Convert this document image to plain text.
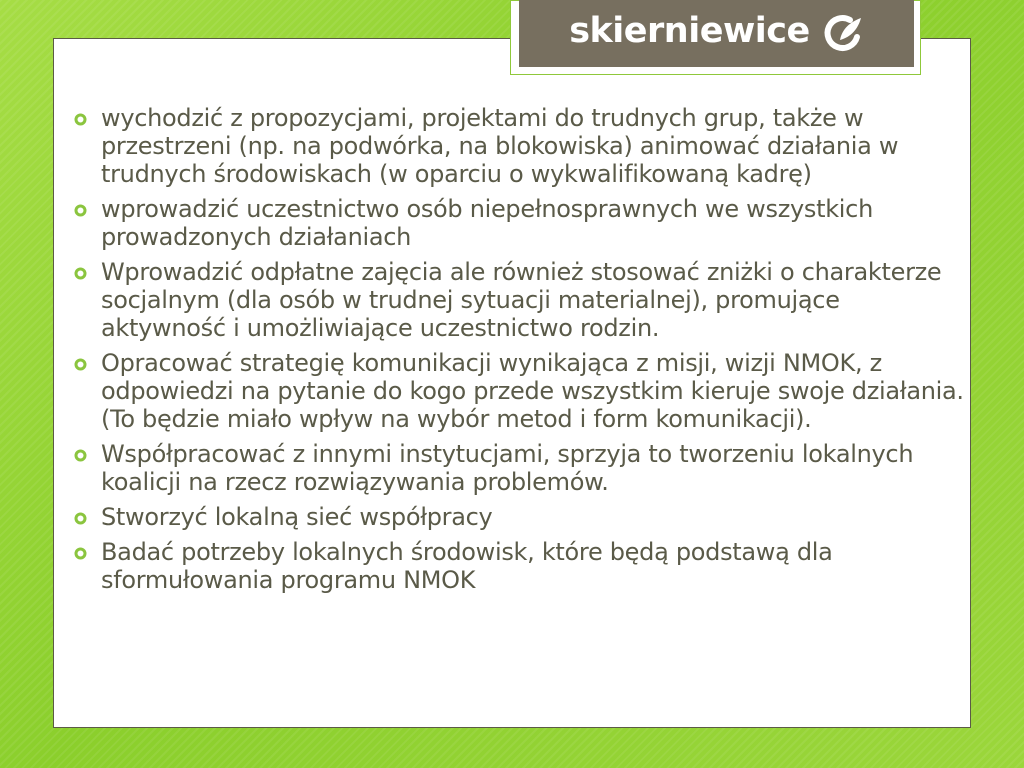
skierniewice
wychodzić z propozycjami, projektami do trudnych grup, także w przestrzeni (np. na podwórka, na blokowiska) animować działania w trudnych środowiskach (w oparciu o wykwalifikowaną kadrę)
wprowadzić uczestnictwo osób niepełnosprawnych we wszystkich prowadzonych działaniach
Wprowadzić odpłatne zajęcia ale również stosować zniżki o charakterze socjalnym (dla osób w trudnej sytuacji materialnej), promujące aktywność i umożliwiające uczestnictwo rodzin.
Opracować strategię komunikacji wynikająca z misji, wizji NMOK, z odpowiedzi na pytanie do kogo przede wszystkim kieruje swoje działania. (To będzie miało wpływ na wybór metod i form komunikacji).
Współpracować z innymi instytucjami, sprzyja to tworzeniu lokalnych koalicji na rzecz rozwiązywania problemów.
Stworzyć lokalną sieć współpracy
Badać potrzeby lokalnych środowisk, które będą podstawą dla sformułowania programu NMOK
